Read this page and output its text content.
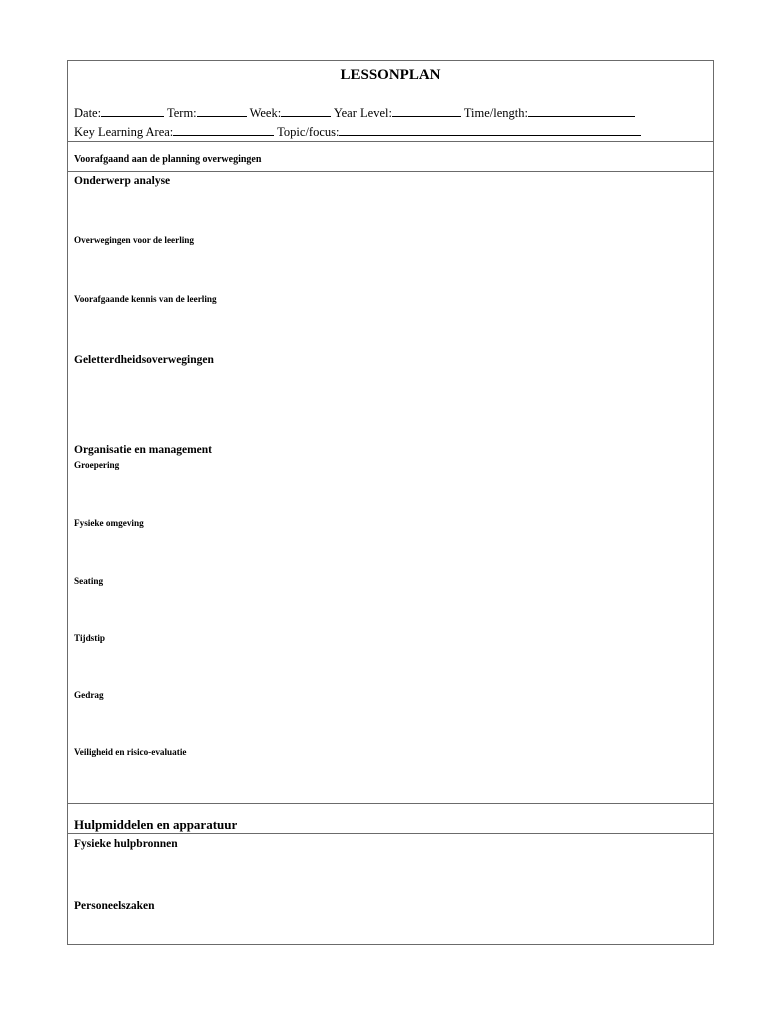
LESSONPLAN
Date:	Term:	Week:	Year Level:	Time/length:
Key Learning Area:	Topic/focus:
Voorafgaand aan de planning overwegingen
Onderwerp analyse
Overwegingen voor de leerling
Voorafgaande kennis van de leerling
Geletterdheidsoverwegingen
Organisatie en management
Groepering
Fysieke omgeving
Seating
Tijdstip
Gedrag
Veiligheid en risico-evaluatie
Hulpmiddelen en apparatuur
Fysieke hulpbronnen
Personeelszaken
